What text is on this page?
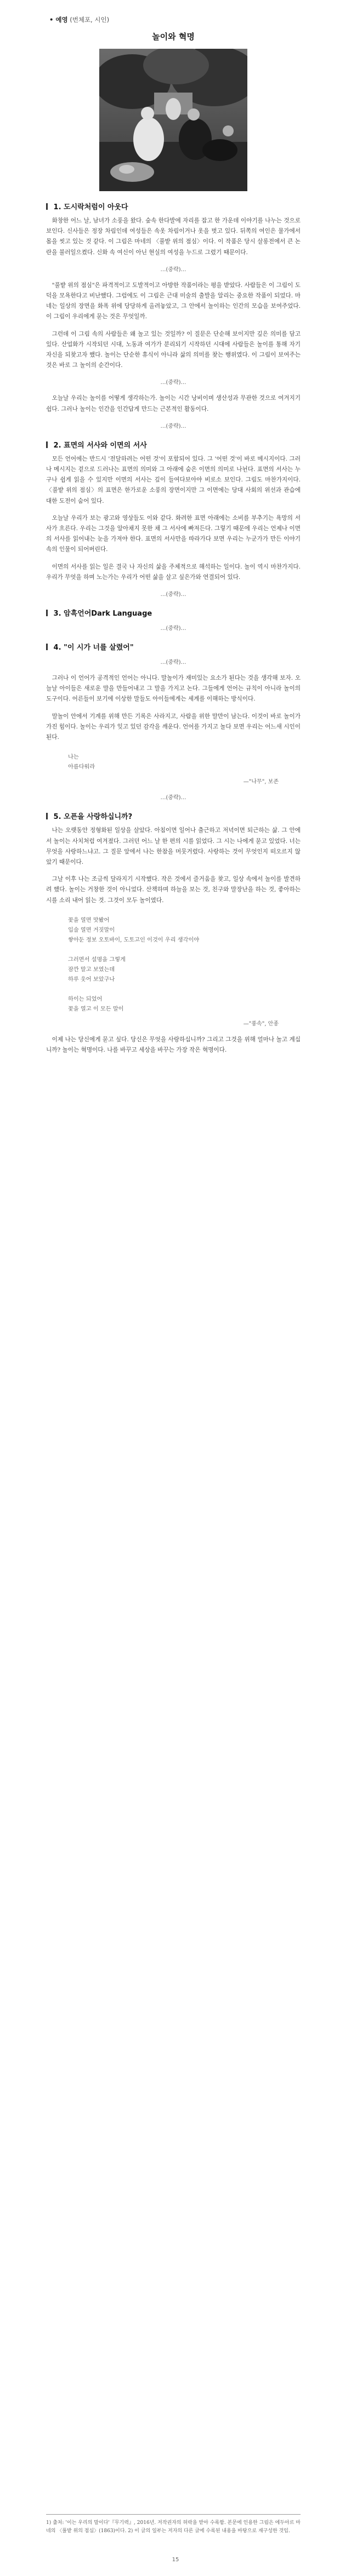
• 예영 (번체포, 시인)
놀이와 혁명
1. 도시락처럼이 아웃다
화창한 어느 날, 남녀가 소풍을 왔다. 숲속 한다발에 자리를 잡고 한 가운데 이야기를 나누는 것으로 보인다. 신사들은 정장 차림인데 여성들은 속옷 차림이거나 옷을 벗고 있다. 뒤쪽의 여인은 물가에서 몸을 씻고 있는 것 같다. 이 그림은 마네의 〈풀밭 위의 점심〉이다. 이 작품은 당시 살롱전에서 큰 논란을 불러일으켰다. 신화 속 여신이 아닌 현실의 여성을 누드로 그렸기 때문이다.
…(중략)…
"풀밭 위의 점심"은 파격적이고 도발적이고 아방한 작품이라는 평을 받았다. 사람들은 이 그림이 도덕을 모욕한다고 비난했다. 그럼에도 이 그림은 근대 미술의 출발을 알리는 중요한 작품이 되었다. 마네는 일상의 장면을 화폭 위에 당당하게 올려놓았고, 그 안에서 놀이하는 인간의 모습을 보여주었다. 이 그림이 우리에게 묻는 것은 무엇일까.
그런데 이 그림 속의 사람들은 왜 놀고 있는 것일까? 이 질문은 단순해 보이지만 깊은 의미를 담고 있다. 산업화가 시작되던 시대, 노동과 여가가 분리되기 시작하던 시대에 사람들은 놀이를 통해 자기 자신을 되찾고자 했다. 놀이는 단순한 휴식이 아니라 삶의 의미를 찾는 행위였다. 이 그림이 보여주는 것은 바로 그 놀이의 순간이다.
…(중략)…
오늘날 우리는 놀이를 어떻게 생각하는가. 놀이는 시간 낭비이며 생산성과 무관한 것으로 여겨지기 쉽다. 그러나 놀이는 인간을 인간답게 만드는 근본적인 활동이다.
…(중략)…
2. 표면의 서사와 이면의 서사
모든 언어에는 반드시 '전달하려는 어떤 것'이 포함되어 있다. 그 '어떤 것'이 바로 메시지이다. 그러나 메시지는 겉으로 드러나는 표면의 의미와 그 아래에 숨은 이면의 의미로 나뉜다. 표면의 서사는 누구나 쉽게 읽을 수 있지만 이면의 서사는 깊이 들여다보아야 비로소 보인다. 그림도 마찬가지이다. 〈풀밭 위의 점심〉의 표면은 한가로운 소풍의 장면이지만 그 이면에는 당대 사회의 위선과 관습에 대한 도전이 숨어 있다.
오늘날 우리가 보는 광고와 영상들도 이와 같다. 화려한 표면 아래에는 소비를 부추기는 욕망의 서사가 흐른다. 우리는 그것을 알아채지 못한 채 그 서사에 빠져든다. 그렇기 때문에 우리는 언제나 이면의 서사를 읽어내는 눈을 가져야 한다. 표면의 서사만을 따라가다 보면 우리는 누군가가 만든 이야기 속의 인물이 되어버린다.
이면의 서사를 읽는 일은 결국 나 자신의 삶을 주체적으로 해석하는 일이다. 놀이 역시 마찬가지다. 우리가 무엇을 하며 노는가는 우리가 어떤 삶을 살고 싶은가와 연결되어 있다.
…(중략)…
3. 암흑언어Dark Language
…(중략)…
4. "이 시가 너를 살렸어"
…(중략)…
그러나 이 언어가 공격적인 언어는 아니다. 말놀이가 재미있는 요소가 된다는 것을 생각해 보자. 오늘날 아이들은 새로운 말을 만들어내고 그 말을 가지고 논다. 그들에게 언어는 규칙이 아니라 놀이의 도구이다. 어른들이 보기에 이상한 말들도 아이들에게는 세계를 이해하는 방식이다.
말놀이 안에서 기계를 위해 만든 기록은 사라지고, 사람을 위한 말만이 남는다. 이것이 바로 놀이가 가진 힘이다. 놀이는 우리가 잊고 있던 감각을 깨운다. 언어를 가지고 놀다 보면 우리는 어느새 시인이 된다.
나는
아름다워라
—"나무", 보존
…(중략)…
5. 오픈을 사랑하십니까?
나는 오랫동안 정형화된 일상을 살았다. 아침이면 일어나 출근하고 저녁이면 퇴근하는 삶. 그 안에서 놀이는 사치처럼 여겨졌다. 그러던 어느 날 한 편의 시를 읽었다. 그 시는 나에게 묻고 있었다. 너는 무엇을 사랑하느냐고. 그 질문 앞에서 나는 한참을 머뭇거렸다. 사랑하는 것이 무엇인지 떠오르지 않았기 때문이다.
그날 이후 나는 조금씩 달라지기 시작했다. 작은 것에서 즐거움을 찾고, 일상 속에서 놀이를 발견하려 했다. 놀이는 거창한 것이 아니었다. 산책하며 하늘을 보는 것, 친구와 말장난을 하는 것, 좋아하는 시를 소리 내어 읽는 것. 그것이 모두 놀이였다.
꽃을 열면 맛봤어
입술 열면 거짓말이
쌓아둔 정보 오토바이, 도토고인 이것이 우리 생각이야

그러면서 설명을 그렇게
잠깐 말고 보였는데
하루 웃어 보았구나

하이는 되었어
꽃을 열고 이 모든 말이

—"풍속", 안종
이제 나는 당신에게 묻고 싶다. 당신은 무엇을 사랑하십니까? 그리고 그것을 위해 얼마나 놀고 계십니까? 놀이는 혁명이다. 나를 바꾸고 세상을 바꾸는 가장 작은 혁명이다.
1) 출처: '이는 우리의 말이다'『무기력』, 2016년. 저작권자의 허락을 받아 수록함. 본문에 인용한 그림은 에두아르 마네의 〈풀밭 위의 점심〉(1863)이다. 2) 이 글의 일부는 저자의 다른 글에 수록된 내용을 바탕으로 재구성한 것임.
15
